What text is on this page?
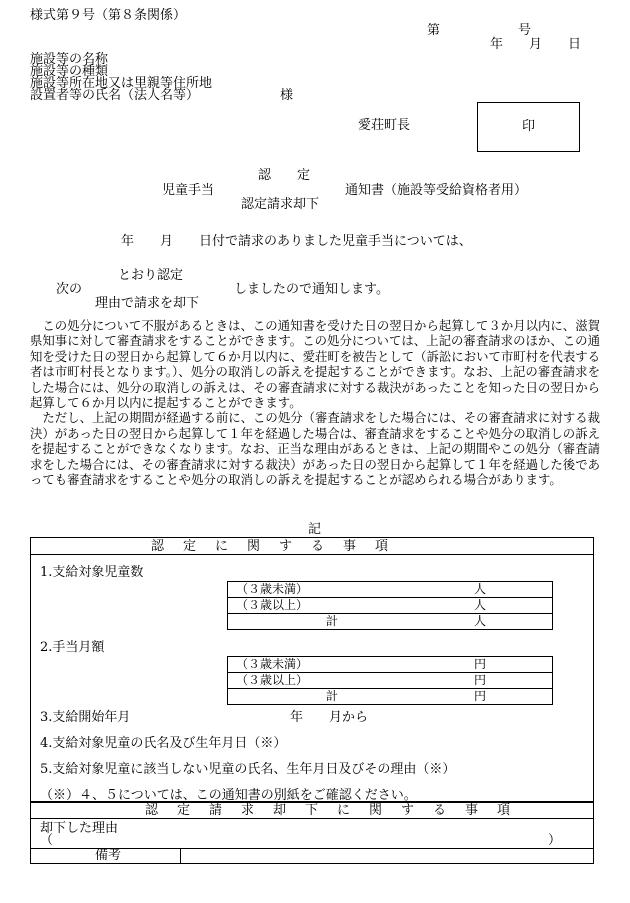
様式第９号（第８条関係）
第　　　　　　号
年　　月　　日
施設等の名称
施設等の種類
施設等所在地又は里親等住所地
設置者等の氏名（法人名等）	様
愛荘町長	印
認　　定
児童手当	通知書（施設等受給資格者用）
認定請求却下
年　　月　　日付で請求のありました児童手当については、
とおり認定
次の	しましたので通知します。
理由で請求を却下

この処分について不服があるときは、この通知書を受けた日の翌日から起算して３か月以内に、滋賀県知事に対して審査請求をすることができます。この処分については、上記の審査請求のほか、この通知を受けた日の翌日から起算して６か月以内に、愛荘町を被告として（訴訟において市町村を代表する者は市町村長となります。）、処分の取消しの訴えを提起することができます。なお、上記の審査請求をした場合には、処分の取消しの訴えは、その審査請求に対する裁決があったことを知った日の翌日から起算して６か月以内に提起することができます。

ただし、上記の期間が経過する前に、この処分（審査請求をした場合には、その審査請求に対する裁決）があった日の翌日から起算して１年を経過した場合は、審査請求をすることや処分の取消しの訴えを提起することができなくなります。なお、正当な理由があるときは、上記の期間やこの処分（審査請求をした場合には、その審査請求に対する裁決）があった日の翌日から起算して１年を経過した後であっても審査請求をすることや処分の取消しの訴えを提起することが認められる場合があります。

記
認　定　に　関　す　る　事　項
1.支給対象児童数
（３歳未満）	人
（３歳以上）	人
計	人
2.手当月額
（３歳未満）	円
（３歳以上）	円
計	円
3.支給開始年月	年　　月から
4.支給対象児童の氏名及び生年月日（※）
5.支給対象児童に該当しない児童の氏名、生年月日及びその理由（※）
（※）４、５については、この通知書の別紙をご確認ください。
認　定　請　求　却　下　に　関　す　る　事　項
却下した理由
（	）
備考
